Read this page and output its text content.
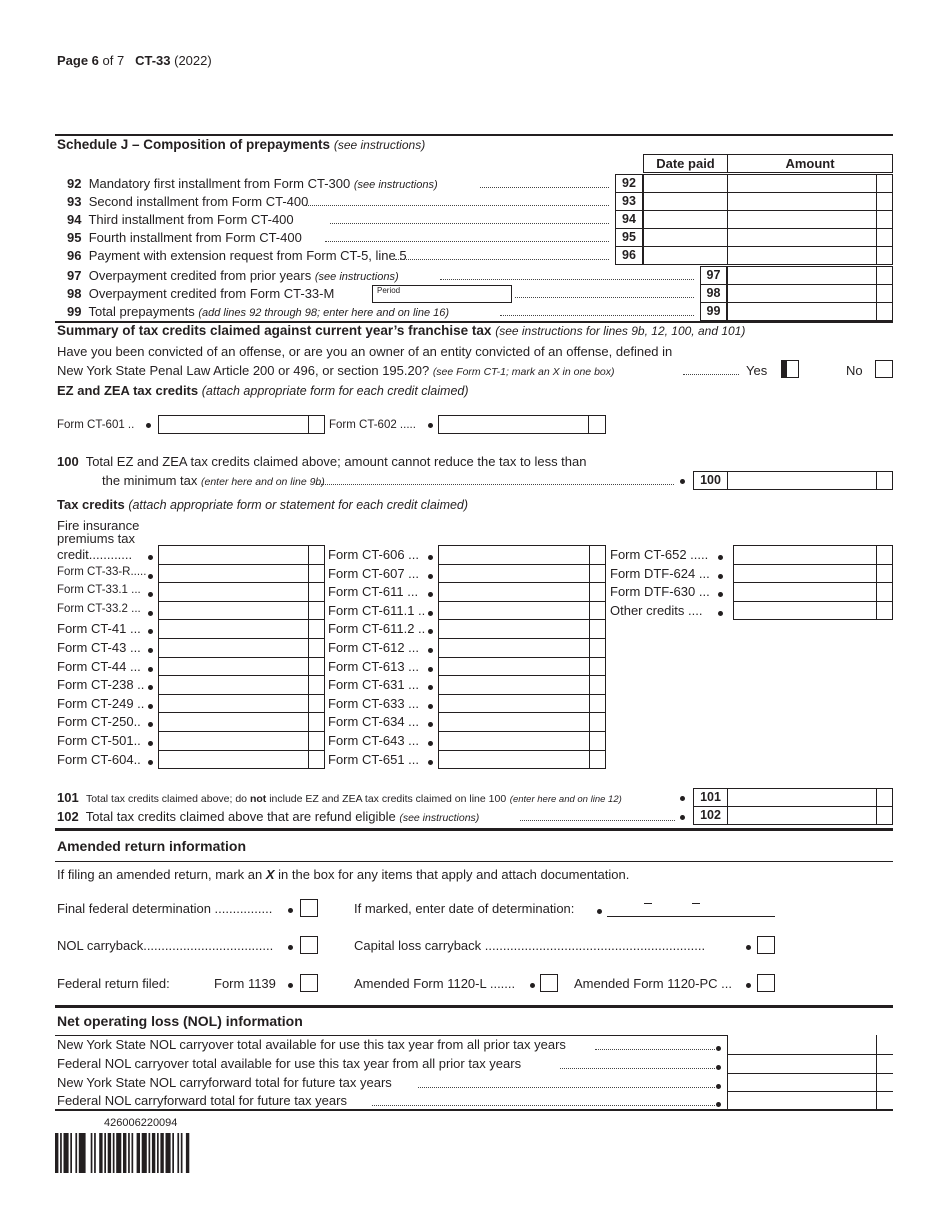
Page 6 of 7 CT-33 (2022)
Schedule J – Composition of prepayments (see instructions)
Date paid	Amount
92 Mandatory first installment from Form CT-300 (see instructions)	92
93 Second installment from Form CT-400	93
94 Third installment from Form CT-400	94
95 Fourth installment from Form CT-400	95
96 Payment with extension request from Form CT-5, line 5	96
97 Overpayment credited from prior years (see instructions)	97
98 Overpayment credited from Form CT-33-M	98
99 Total prepayments (add lines 92 through 98; enter here and on line 16)	99
Period
Summary of tax credits claimed against current year’s franchise tax (see instructions for lines 9b, 12, 100, and 101)
Have you been convicted of an offense, or are you an owner of an entity convicted of an offense, defined in
New York State Penal Law Article 200 or 496, or section 195.20? (see Form CT-1; mark an X in one box)	Yes	No
EZ and ZEA tax credits (attach appropriate form for each credit claimed)
Form CT-601 ..	Form CT-602 .....
100 Total EZ and ZEA tax credits claimed above; amount cannot reduce the tax to less than
the minimum tax (enter here and on line 9b)	100
Tax credits (attach appropriate form or statement for each credit claimed)
Fire insurance
premiums tax
credit............
Form CT-33-R.....
Form CT-33.1 ...
Form CT-33.2 ...
Form CT-41 ...
Form CT-43 ...
Form CT-44 ...
Form CT-238 ..
Form CT-249 ..
Form CT-250..
Form CT-501..
Form CT-604..
Form CT-606 ...
Form CT-607 ...
Form CT-611 ...
Form CT-611.1 ..
Form CT-611.2 ..
Form CT-612 ...
Form CT-613 ...
Form CT-631 ...
Form CT-633 ...
Form CT-634 ...
Form CT-643 ...
Form CT-651 ...
Form CT-652 .....
Form DTF-624 ...
Form DTF-630 ...
Other credits ....
101 Total tax credits claimed above; do not include EZ and ZEA tax credits claimed on line 100 (enter here and on line 12)	101
102 Total tax credits claimed above that are refund eligible (see instructions)	102
Amended return information
If filing an amended return, mark an X in the box for any items that apply and attach documentation.
Final federal determination ................	If marked, enter date of determination:
NOL carryback....................................	Capital loss carryback .............................................................
Federal return filed:	Form 1139	Amended Form 1120-L .......	Amended Form 1120-PC ...
Net operating loss (NOL) information
New York State NOL carryover total available for use this tax year from all prior tax years
Federal NOL carryover total available for use this tax year from all prior tax years
New York State NOL carryforward total for future tax years
Federal NOL carryforward total for future tax years
426006220094
